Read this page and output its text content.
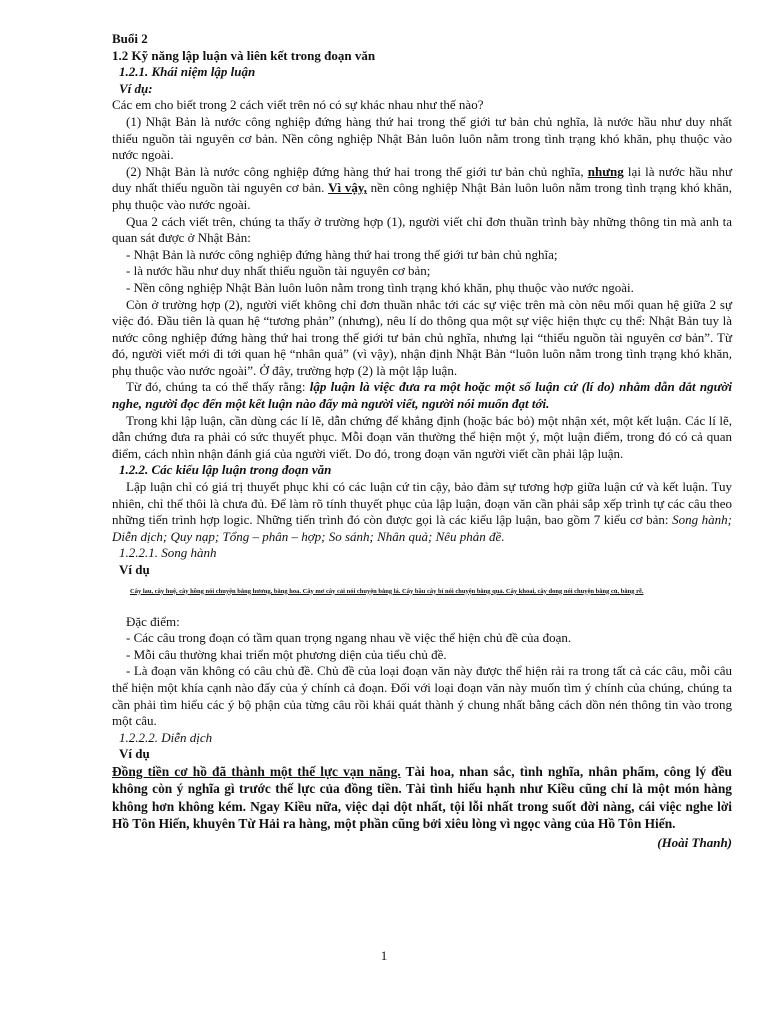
Buổi 2

1.2 Kỹ năng lập luận và liên kết trong đoạn văn

1.2.1. Khái niệm lập luận

Ví dụ:

Các em cho biết trong 2 cách viết trên nó có sự khác nhau như thế nào?

(1) Nhật Bản là nước công nghiệp đứng hàng thứ hai trong thế giới tư bản chủ nghĩa, là nước hầu như duy nhất thiếu nguồn tài nguyên cơ bản. Nền công nghiệp Nhật Bản luôn luôn nằm trong tình trạng khó khăn, phụ thuộc vào nước ngoài.

(2) Nhật Bản là nước công nghiệp đứng hàng thứ hai trong thế giới tư bản chủ nghĩa, nhưng lại là nước hầu như duy nhất thiếu nguồn tài nguyên cơ bản. Vì vậy, nền công nghiệp Nhật Bản luôn luôn nằm trong tình trạng khó khăn, phụ thuộc vào nước ngoài.

Qua 2 cách viết trên, chúng ta thấy ở trường hợp (1), người viết chỉ đơn thuần trình bày những thông tin mà anh ta quan sát được ở Nhật Bản:

- Nhật Bản là nước công nghiệp đứng hàng thứ hai trong thế giới tư bản chủ nghĩa;

- là nước hầu như duy nhất thiếu nguồn tài nguyên cơ bản;

- Nền công nghiệp Nhật Bản luôn luôn nằm trong tình trạng khó khăn, phụ thuộc vào nước ngoài.

Còn ở trường hợp (2), người viết không chỉ đơn thuần nhắc tới các sự việc trên mà còn nêu mối quan hệ giữa 2 sự việc đó. Đầu tiên là quan hệ “tương phản” (nhưng), nêu lí do thông qua một sự việc hiện thực cụ thể: Nhật Bản tuy là nước công nghiệp đứng hàng thứ hai trong thế giới tư bản chủ nghĩa, nhưng lại “thiếu nguồn tài nguyên cơ bản”. Từ đó, người viết mới đi tới quan hệ “nhân quả” (vì vậy), nhận định Nhật Bản “luôn luôn nằm trong tình trạng khó khăn, phụ thuộc vào nước ngoài”. Ở đây, trường hợp (2) là một lập luận.

Từ đó, chúng ta có thể thấy rằng: lập luận là việc đưa ra một hoặc một số luận cứ (lí do) nhằm dẫn dắt người nghe, người đọc đến một kết luận nào đấy mà người viết, người nói muốn đạt tới.

Trong khi lập luận, cần dùng các lí lẽ, dẫn chứng để khẳng định (hoặc bác bỏ) một nhận xét, một kết luận. Các lí lẽ, dẫn chứng đưa ra phải có sức thuyết phục. Mỗi đoạn văn thường thể hiện một ý, một luận điểm, trong đó có cả quan điểm, cách nhìn nhận đánh giá của người viết. Do đó, trong đoạn văn người viết cần phải lập luận.

1.2.2. Các kiểu lập luận trong đoạn văn

Lập luận chỉ có giá trị thuyết phục khi có các luận cứ tin cậy, bảo đảm sự tương hợp giữa luận cứ và kết luận. Tuy nhiên, chỉ thế thôi là chưa đủ. Để làm rõ tính thuyết phục của lập luận, đoạn văn cần phải sắp xếp trình tự các câu theo những tiến trình hợp logic. Những tiến trình đó còn được gọi là các kiểu lập luận, bao gồm 7 kiểu cơ bản: Song hành; Diễn dịch; Quy nạp; Tổng – phân – hợp; So sánh; Nhân quả; Nêu phản đề.

1.2.2.1. Song hành

Ví dụ

Cây lau, cây huệ, cây hồng nói chuyện bằng hương, bằng hoa. Cây mơ cây cải nói chuyện bằng lá. Cây bầu cây bí nói chuyện bằng quả. Cây khoai, cây dong nói chuyện bằng củ, bằng rễ.

Đặc điểm:

- Các câu trong đoạn có tầm quan trọng ngang nhau về việc thể hiện chủ đề của đoạn.

- Mỗi câu thường khai triển một phương diện của tiểu chủ đề.

- Là đoạn văn không có câu chủ đề. Chủ đề của loại đoạn văn này được thể hiện rải ra trong tất cả các câu, mỗi câu thể hiện một khía cạnh nào đấy của ý chính cả đoạn. Đối với loại đoạn văn này muốn tìm ý chính của chúng, chúng ta cần phải tìm hiểu các ý bộ phận của từng câu rồi khái quát thành ý chung nhất bằng cách dồn nén thông tin vào trong một câu.

1.2.2.2. Diễn dịch

Ví dụ

Đồng tiền cơ hồ đã thành một thế lực vạn năng. Tài hoa, nhan sắc, tình nghĩa, nhân phẩm, công lý đều không còn ý nghĩa gì trước thế lực của đồng tiền. Tài tình hiếu hạnh như Kiều cũng chỉ là một món hàng không hơn không kém. Ngay Kiều nữa, việc dại dột nhất, tội lỗi nhất trong suốt đời nàng, cái việc nghe lời Hồ Tôn Hiến, khuyên Từ Hải ra hàng, một phần cũng bởi xiêu lòng vì ngọc vàng của Hồ Tôn Hiến.

(Hoài Thanh)

1
